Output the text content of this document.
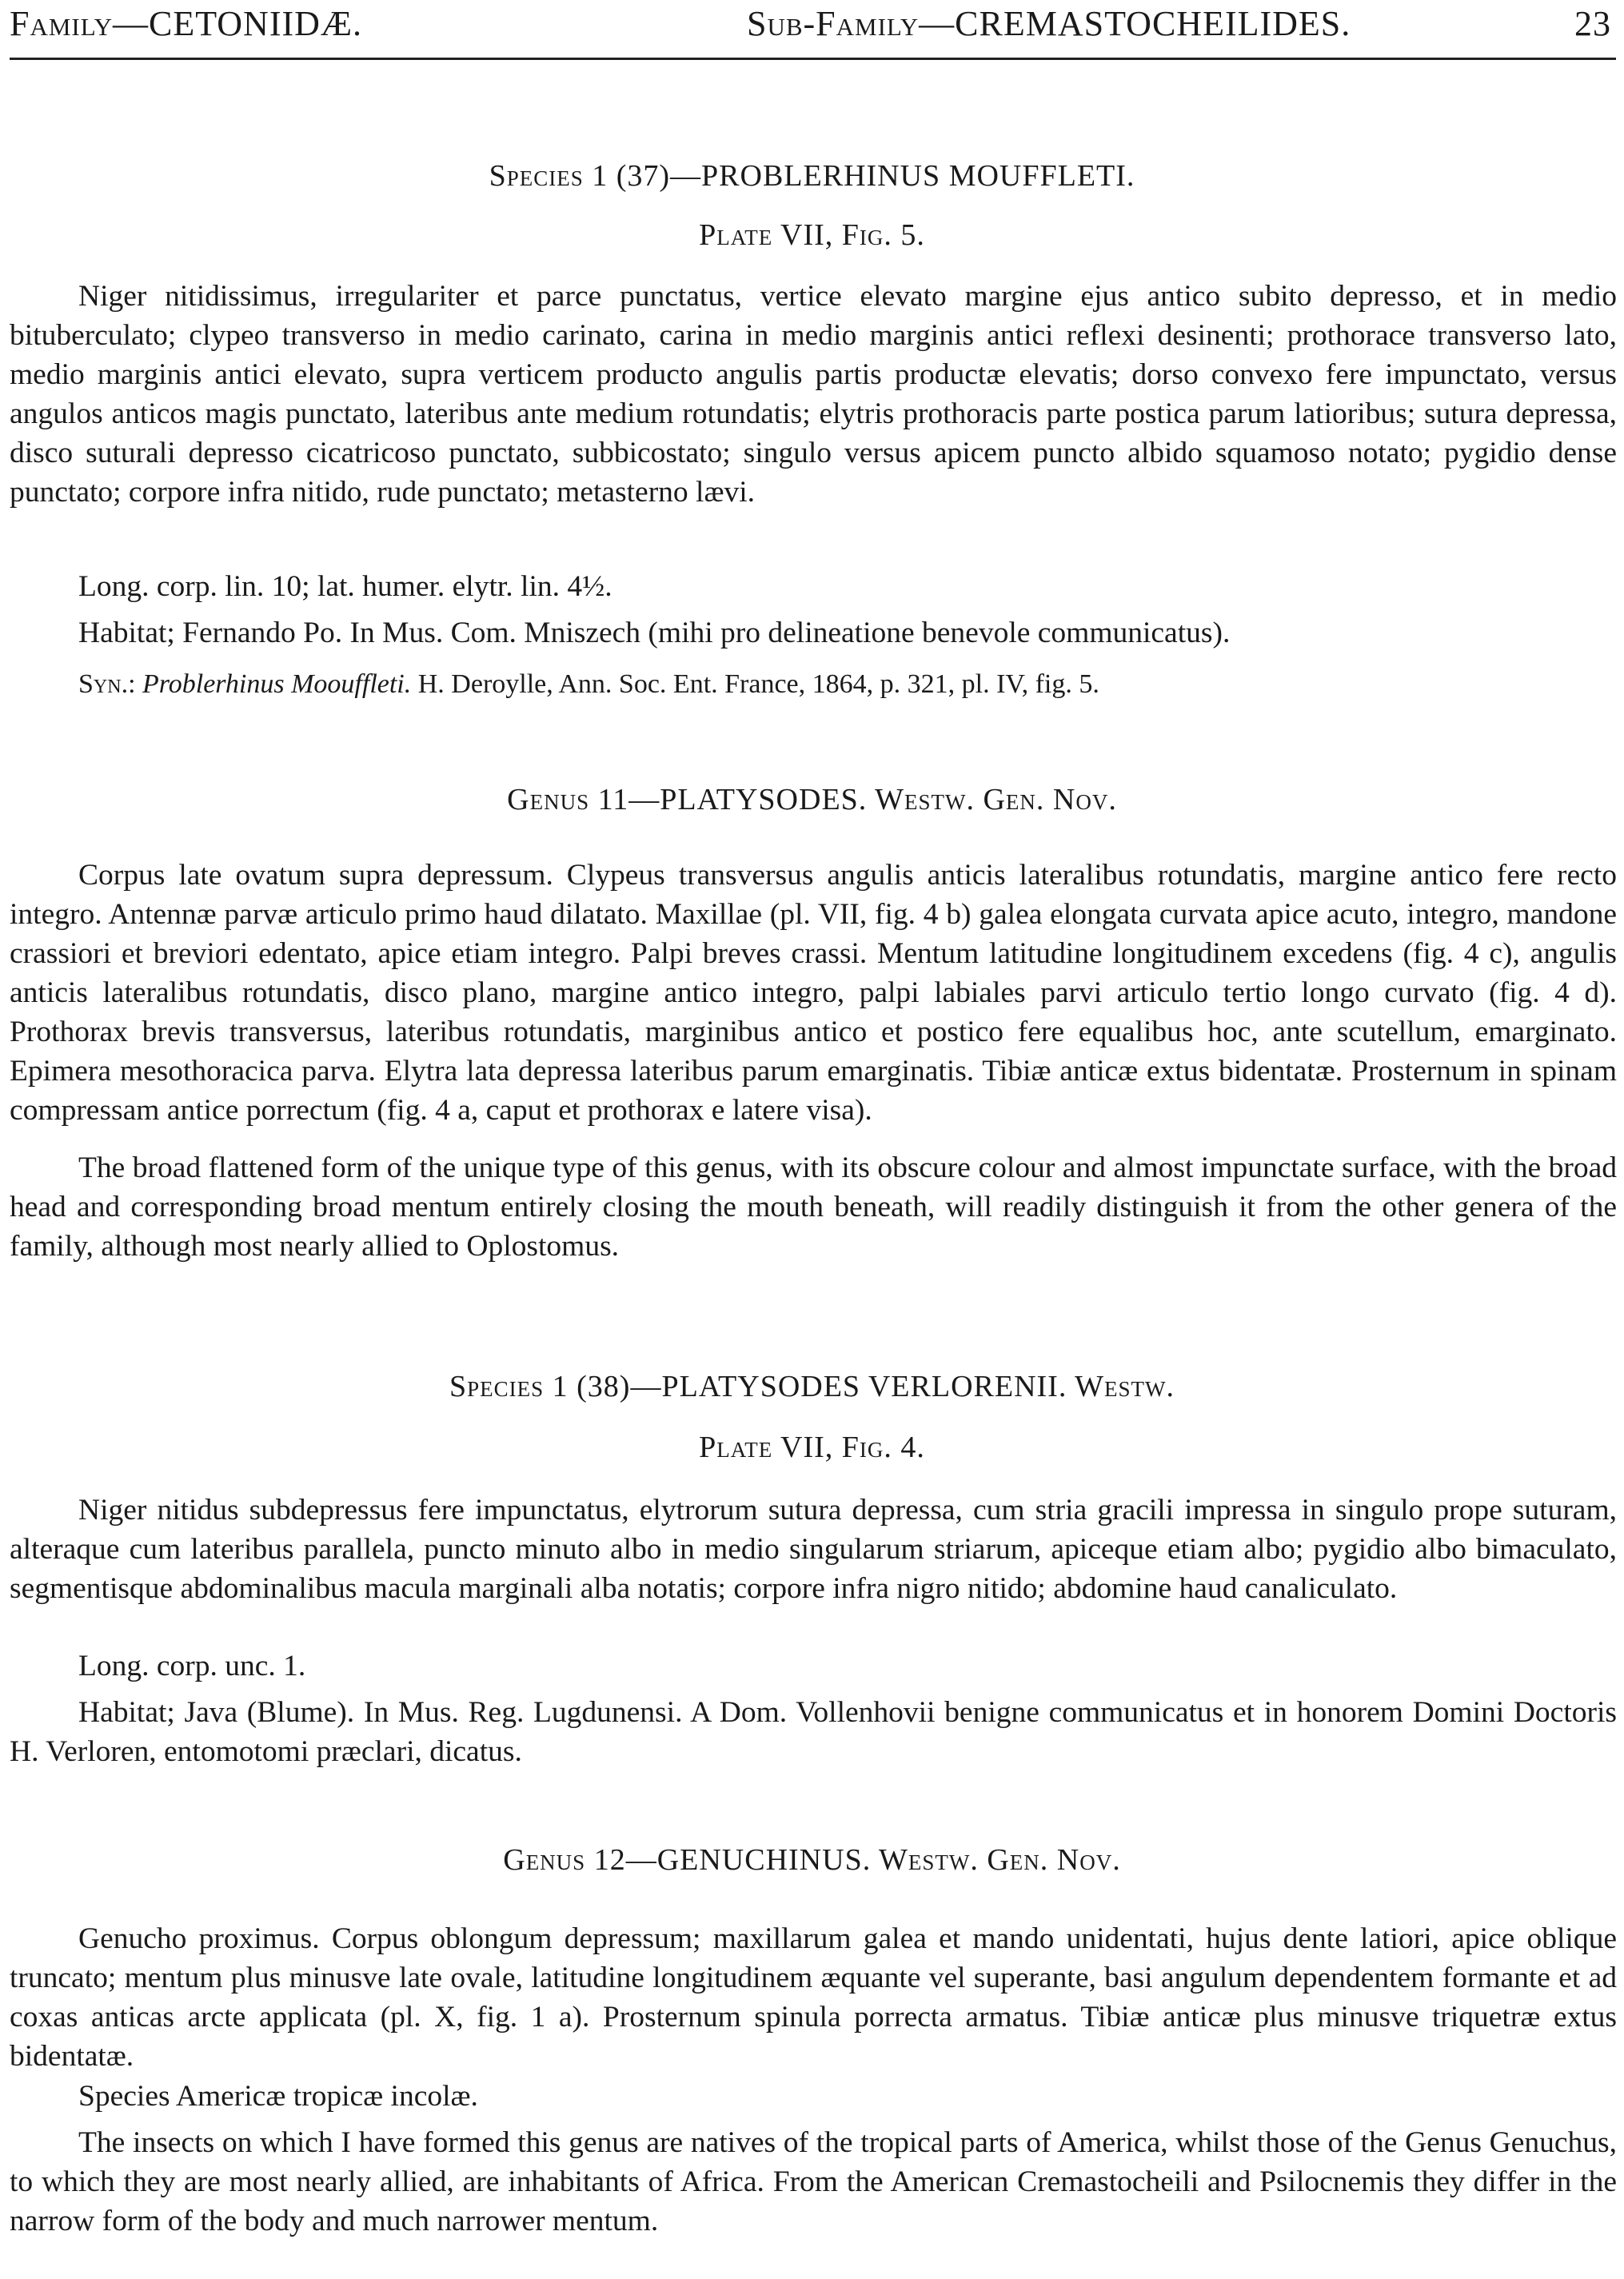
Family—CETONIIDÆ.	Sub-Family—CREMASTOCHEILIDES.	23
Species 1 (37)—PROBLERHINUS MOUFFLETI.
Plate VII, Fig. 5.
Niger nitidissimus, irregulariter et parce punctatus, vertice elevato margine ejus antico subito depresso, et in medio bituberculato; clypeo transverso in medio carinato, carina in medio marginis antici reflexi desinenti; prothorace transverso lato, medio marginis antici elevato, supra verticem producto angulis partis productæ elevatis; dorso convexo fere impunctato, versus angulos anticos magis punctato, lateribus ante medium rotundatis; elytris prothoracis parte postica parum latioribus; sutura depressa, disco suturali depresso cicatricoso punctato, subbicostato; singulo versus apicem puncto albido squamoso notato; pygidio dense punctato; corpore infra nitido, rude punctato; metasterno lævi.
Long. corp. lin. 10; lat. humer. elytr. lin. 4½.
Habitat; Fernando Po. In Mus. Com. Mniszech (mihi pro delineatione benevole communicatus).
Syn.: Problerhinus Moouffleti. H. Deroylle, Ann. Soc. Ent. France, 1864, p. 321, pl. IV, fig. 5.
Genus 11—PLATYSODES. Westw. Gen. Nov.
Corpus late ovatum supra depressum. Clypeus transversus angulis anticis lateralibus rotundatis, margine antico fere recto integro. Antennæ parvæ articulo primo haud dilatato. Maxillae (pl. VII, fig. 4 b) galea elongata curvata apice acuto, integro, mandone crassiori et breviori edentato, apice etiam integro. Palpi breves crassi. Mentum latitudine longitudinem excedens (fig. 4 c), angulis anticis lateralibus rotundatis, disco plano, margine antico integro, palpi labiales parvi articulo tertio longo curvato (fig. 4 d). Prothorax brevis transversus, lateribus rotundatis, marginibus antico et postico fere equalibus hoc, ante scutellum, emarginato. Epimera mesothoracica parva. Elytra lata depressa lateribus parum emarginatis. Tibiæ anticæ extus bidentatæ. Prosternum in spinam compressam antice porrectum (fig. 4 a, caput et prothorax e latere visa).
The broad flattened form of the unique type of this genus, with its obscure colour and almost impunctate surface, with the broad head and corresponding broad mentum entirely closing the mouth beneath, will readily distinguish it from the other genera of the family, although most nearly allied to Oplostomus.
Species 1 (38)—PLATYSODES VERLORENII. Westw.
Plate VII, Fig. 4.
Niger nitidus subdepressus fere impunctatus, elytrorum sutura depressa, cum stria gracili impressa in singulo prope suturam, alteraque cum lateribus parallela, puncto minuto albo in medio singularum striarum, apiceque etiam albo; pygidio albo bimaculato, segmentisque abdominalibus macula marginali alba notatis; corpore infra nigro nitido; abdomine haud canaliculato.
Long. corp. unc. 1.
Habitat; Java (Blume). In Mus. Reg. Lugdunensi. A Dom. Vollenhovii benigne communicatus et in honorem Domini Doctoris H. Verloren, entomotomi præclari, dicatus.
Genus 12—GENUCHINUS. Westw. Gen. Nov.
Genucho proximus. Corpus oblongum depressum; maxillarum galea et mando unidentati, hujus dente latiori, apice oblique truncato; mentum plus minusve late ovale, latitudine longitudinem æquante vel superante, basi angulum dependentem formante et ad coxas anticas arcte applicata (pl. X, fig. 1 a). Prosternum spinula porrecta armatus. Tibiæ anticæ plus minusve triquetræ extus bidentatæ.
Species Americæ tropicæ incolæ.
The insects on which I have formed this genus are natives of the tropical parts of America, whilst those of the Genus Genuchus, to which they are most nearly allied, are inhabitants of Africa. From the American Cremastocheili and Psilocnemis they differ in the narrow form of the body and much narrower mentum.
